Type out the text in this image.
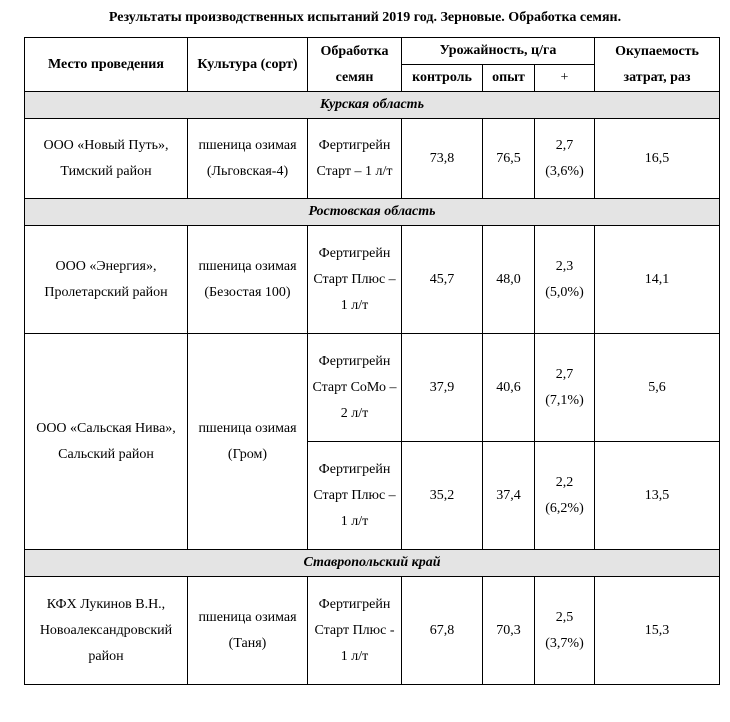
Результаты производственных испытаний 2019 год. Зерновые. Обработка семян.
Место проведения	Культура (сорт)	Обработка семян	Урожайность, ц/га			Окупаемость затрат, раз
			контроль	опыт	+	
Курская область						
ООО «Новый Путь», Тимский район	пшеница озимая (Льговская-4)	Фертигрейн Старт – 1 л/т	73,8	76,5	2,7 (3,6%)	16,5
Ростовская область						
ООО «Энергия», Пролетарский район	пшеница озимая (Безостая 100)	Фертигрейн Старт Плюс – 1 л/т	45,7	48,0	2,3 (5,0%)	14,1
ООО «Сальская Нива», Сальский район	пшеница озимая (Гром)	Фертигрейн Старт СоМо – 2 л/т	37,9	40,6	2,7 (7,1%)	5,6
		Фертигрейн Старт Плюс – 1 л/т	35,2	37,4	2,2 (6,2%)	13,5
Ставропольский край						
КФХ Лукинов В.Н., Новоалександровский район	пшеница озимая (Таня)	Фертигрейн Старт Плюс - 1 л/т	67,8	70,3	2,5 (3,7%)	15,3
